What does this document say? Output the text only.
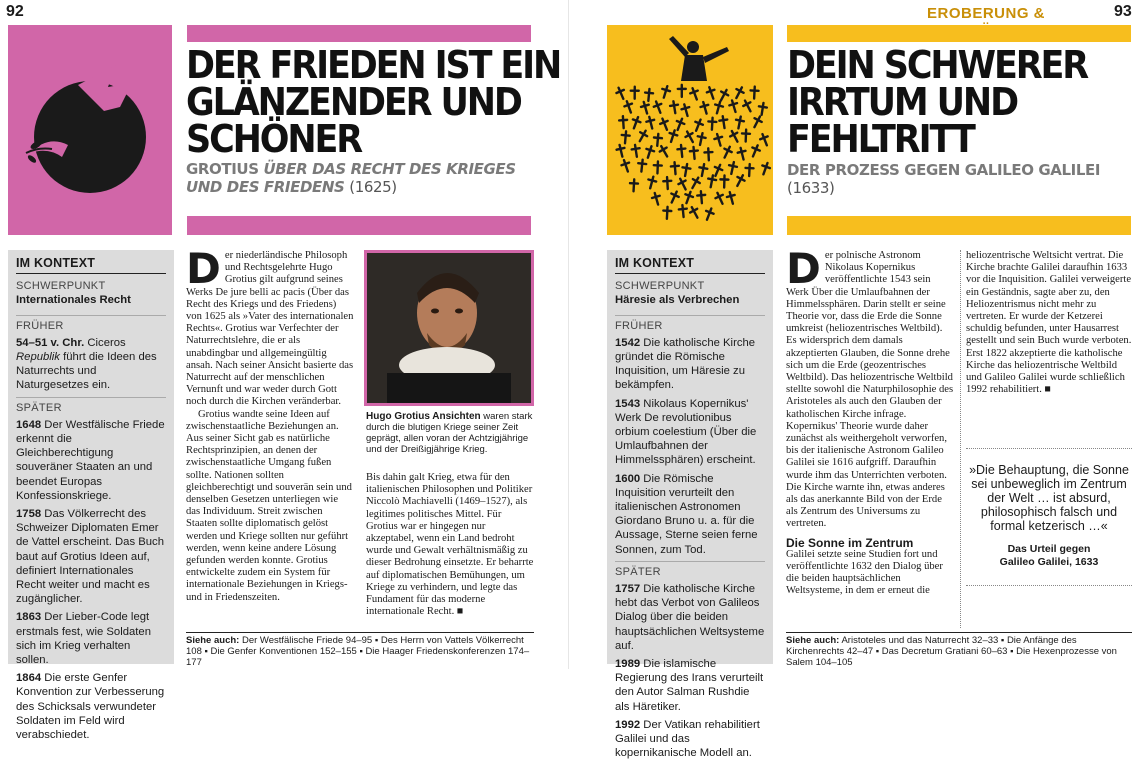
92
DER FRIEDEN IST EIN
GLÄNZENDER UND
SCHÖNER
GROTIUS ÜBER DAS RECHT DES KRIEGES
UND DES FRIEDENS (1625)
IM KONTEXT
SCHWERPUNKT
Internationales Recht
FRÜHER
54–51 v. Chr. Ciceros Republik führt die Ideen des Naturrechts und Naturgesetzes ein.
SPÄTER
1648 Der Westfälische Friede erkennt die Gleichberechtigung souveräner Staaten an und beendet Europas Konfessionskriege.
1758 Das Völkerrecht des Schweizer Diplomaten Emer de Vattel erscheint. Das Buch baut auf Grotius Ideen auf, definiert Internationales Recht weiter und macht es zugänglicher.
1863 Der Lieber-Code legt erstmals fest, wie Soldaten sich im Krieg verhalten sollen.
1864 Die erste Genfer Konvention zur Verbesserung des Schicksals verwundeter Soldaten im Feld wird verabschiedet.
D er niederländische Philosoph und Rechtsgelehrte Hugo Grotius gilt aufgrund seines Werks De jure belli ac pacis (Über das Recht des Kriegs und des Friedens) von 1625 als »Vater des internationalen Rechts«. Grotius war Verfechter der Naturrechtslehre, die er als unabdingbar und allgemeingültig ansah. Nach seiner Ansicht basierte das Naturrecht auf der menschlichen Vernunft und war weder durch Gott noch durch die Kirchen veränderbar.

Grotius wandte seine Ideen auf zwischenstaatliche Beziehungen an. Aus seiner Sicht gab es natürliche Rechtsprinzipien, an denen der zwischenstaatliche Umgang fußen sollte. Nationen sollten gleichberechtigt und souverän sein und denselben Gesetzen unterliegen wie das Individuum. Streit zwischen Staaten sollte diplomatisch gelöst werden und Kriege sollten nur geführt werden, wenn keine andere Lösung gefunden werden konnte. Grotius entwickelte zudem ein System für internationale Beziehungen in Kriegs- und in Friedenszeiten.

Hugo Grotius Ansichten waren stark durch die blutigen Kriege seiner Zeit geprägt, allen voran der Achtzigjährige und der Dreißigjährige Krieg.

Bis dahin galt Krieg, etwa für den italienischen Philosophen und Politiker Niccolò Machiavelli (1469–1527), als legitimes politisches Mittel. Für Grotius war er hingegen nur akzeptabel, wenn ein Land bedroht wurde und Gewalt verhältnismäßig zu dieser Bedrohung einsetzte. Er beharrte auf diplomatischen Bemühungen, um Kriege zu verhindern, und legte das Fundament für das moderne internationale Recht. ■

Siehe auch: Der Westfälische Friede 94–95 ▪ Des Herrn von Vattels Völkerrecht 108 ▪ Die Genfer Konventionen 152–155 ▪ Die Haager Friedenskonferenzen 174–177
EROBERUNG &	93
DEIN SCHWERER
IRRTUM UND
FEHLTRITT
DER PROZESS GEGEN GALILEO GALILEI (1633)
IM KONTEXT
SCHWERPUNKT
Häresie als Verbrechen
FRÜHER
1542 Die katholische Kirche gründet die Römische Inquisition, um Häresie zu bekämpfen.
1543 Nikolaus Kopernikus' Werk De revolutionibus orbium coelestium (Über die Umlaufbahnen der Himmelssphären) erscheint.
1600 Die Römische Inquisition verurteilt den italienischen Astronomen Giordano Bruno u. a. für die Aussage, Sterne seien ferne Sonnen, zum Tod.
SPÄTER
1757 Die katholische Kirche hebt das Verbot von Galileos Dialog über die beiden hauptsächlichen Weltsysteme auf.
1989 Die islamische Regierung des Irans verurteilt den Autor Salman Rushdie als Häretiker.
1992 Der Vatikan rehabilitiert Galilei und das kopernikanische Modell an.
D er polnische Astronom Nikolaus Kopernikus veröffentlichte 1543 sein Werk Über die Umlaufbahnen der Himmelssphären. Darin stellt er seine Theorie vor, dass die Erde die Sonne umkreist (heliozentrisches Weltbild). Es widersprich dem damals akzeptierten Glauben, die Sonne drehe sich um die Erde (geozentrisches Weltbild). Das heliozentrische Weltbild stellte sowohl die Naturphilosophie des Aristoteles als auch den Glauben der katholischen Kirche infrage. Kopernikus' Theorie wurde daher zunächst als weithergeholt verworfen, bis der italienische Astronom Galileo Galilei sie 1616 aufgriff. Daraufhin wurde ihm das Unterrichten verboten. Die Kirche warnte ihn, etwas anderes als das anerkannte Bild von der Erde als Zentrum des Universums zu vertreten.

Die Sonne im Zentrum

Galilei setzte seine Studien fort und veröffentlichte 1632 den Dialog über die beiden hauptsächlichen Weltsysteme, in dem er erneut die

heliozentrische Weltsicht vertrat. Die Kirche brachte Galilei daraufhin 1633 vor die Inquisition. Galilei verweigerte ein Geständnis, sagte aber zu, den Heliozentrismus nicht mehr zu vertreten. Er wurde der Ketzerei schuldig befunden, unter Hausarrest gestellt und sein Buch wurde verboten. Erst 1822 akzeptierte die katholische Kirche das heliozentrische Weltbild und Galileo Galilei wurde schließlich 1992 rehabilitiert. ■

»Die Behauptung, die Sonne sei unbeweglich im Zentrum der Welt … ist absurd, philosophisch falsch und formal ketzerisch …«
Das Urteil gegen
Galileo Galilei, 1633
Siehe auch: Aristoteles und das Naturrecht 32–33 ▪ Die Anfänge des Kirchenrechts 42–47 ▪ Das Decretum Gratiani 60–63 ▪ Die Hexenprozesse von Salem 104–105
